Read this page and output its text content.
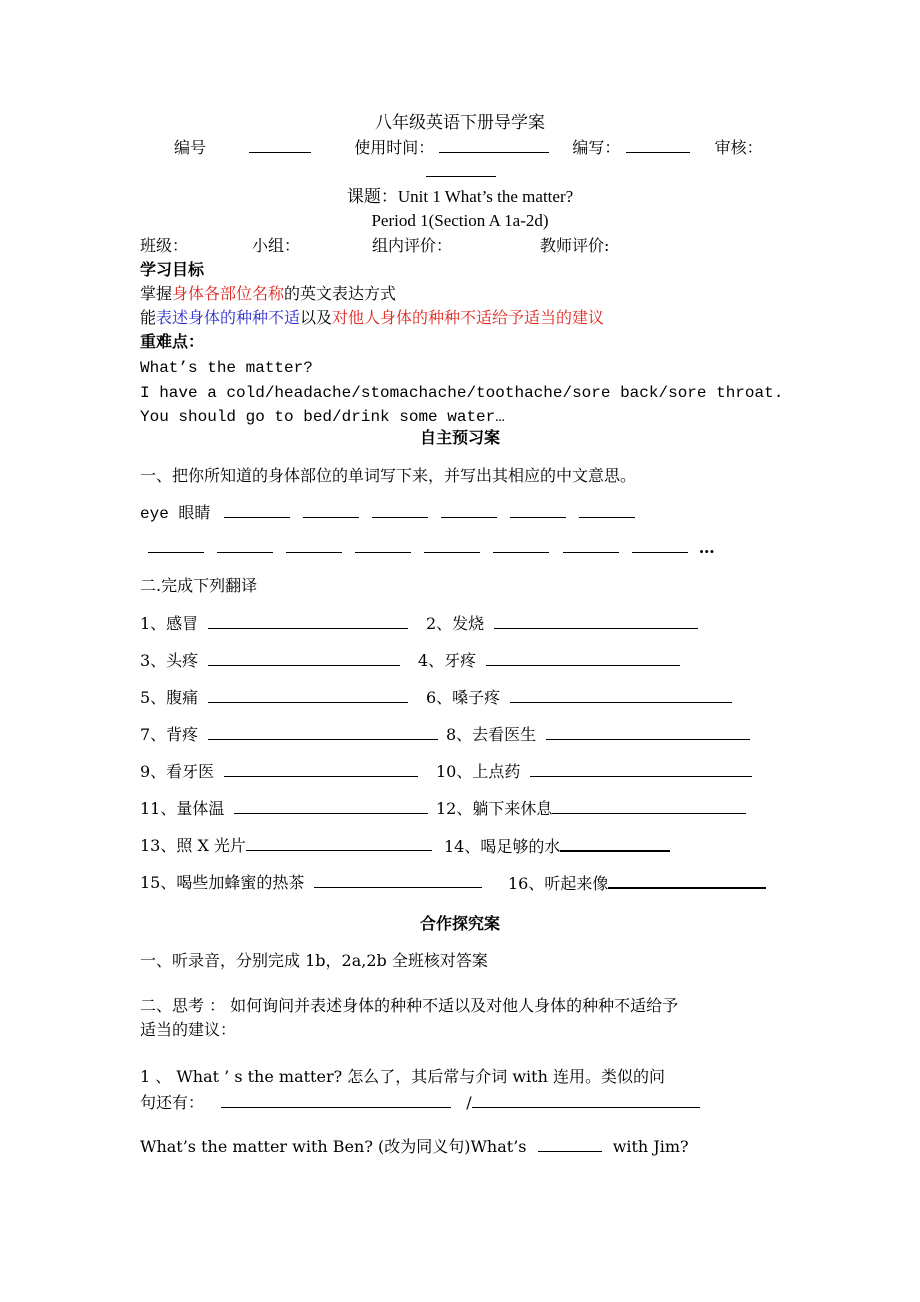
八年级英语下册导学案
编号	使用时间：	编写：	审核：
课题：Unit 1 What’s the matter?
Period 1(Section A 1a-2d)
班级：	小组：	组内评价：	教师评价:
学习目标
掌握身体各部位名称的英文表达方式
能表述身体的种种不适以及对他人身体的种种不适给予适当的建议
重难点：
What’s the matter?
I have a cold/headache/stomachache/toothache/sore back/sore throat.
You should go to bed/drink some water…
自主预习案
一、把你所知道的身体部位的单词写下来，并写出其相应的中文意思。
eye 眼睛
…
二.完成下列翻译
1、感冒	2、发烧
3、头疼	4、牙疼
5、腹痛	6、嗓子疼
7、背疼	8、去看医生
9、看牙医	10、上点药
11、量体温	12、躺下来休息
13、照 X 光片	14、喝足够的水
15、喝些加蜂蜜的热茶	16、听起来像
合作探究案
一、听录音，分别完成 1b，2a,2b 全班核对答案
二、思考 ： 如何询问并表述身体的种种不适以及对他人身体的种种不适给予
适当的建议：
1 、 What ’ s the matter? 怎么了，其后常与介词 with 连用。类似的问
句还有：	/
What’s the matter with Ben? (改为同义句)What’s	with Jim?
